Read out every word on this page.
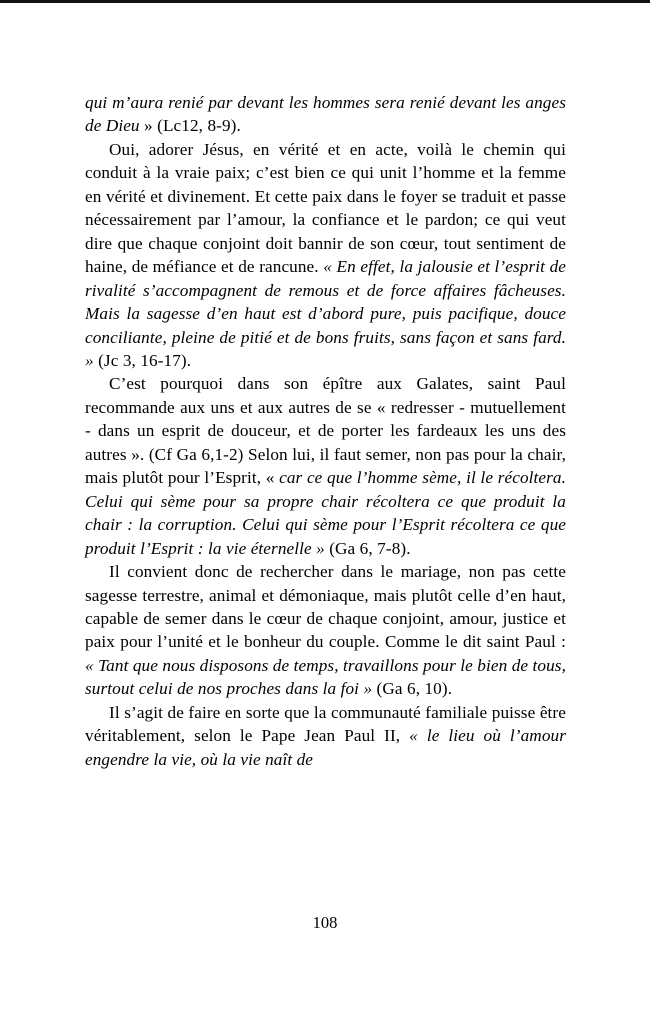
qui m’aura renié par devant les hommes sera renié devant les anges de Dieu » (Lc12, 8-9).

Oui, adorer Jésus, en vérité et en acte, voilà le chemin qui conduit à la vraie paix; c’est bien ce qui unit l’homme et la femme en vérité et divinement. Et cette paix dans le foyer se traduit et passe nécessairement par l’amour, la confiance et le pardon; ce qui veut dire que chaque conjoint doit bannir de son cœur, tout sentiment de haine, de méfiance et de rancune. « En effet, la jalousie et l’esprit de rivalité s’accompagnent de remous et de force affaires fâcheuses. Mais la sagesse d’en haut est d’abord pure, puis pacifique, douce conciliante, pleine de pitié et de bons fruits, sans façon et sans fard. » (Jc 3, 16-17).

C’est pourquoi dans son épître aux Galates, saint Paul recommande aux uns et aux autres de se « redresser - mutuellement - dans un esprit de douceur, et de porter les fardeaux les uns des autres ». (Cf Ga 6,1-2) Selon lui, il faut semer, non pas pour la chair, mais plutôt pour l’Esprit, « car ce que l’homme sème, il le récoltera. Celui qui sème pour sa propre chair récoltera ce que produit la chair : la corruption. Celui qui sème pour l’Esprit récoltera ce que produit l’Esprit : la vie éternelle » (Ga 6, 7-8).

Il convient donc de rechercher dans le mariage, non pas cette sagesse terrestre, animal et démoniaque, mais plutôt celle d’en haut, capable de semer dans le cœur de chaque conjoint, amour, justice et paix pour l’unité et le bonheur du couple. Comme le dit saint Paul : « Tant que nous disposons de temps, travaillons pour le bien de tous, surtout celui de nos proches dans la foi » (Ga 6, 10).

Il s’agit de faire en sorte que la communauté familiale puisse être véritablement, selon le Pape Jean Paul II, « le lieu où l’amour engendre la vie, où la vie naît de

108
